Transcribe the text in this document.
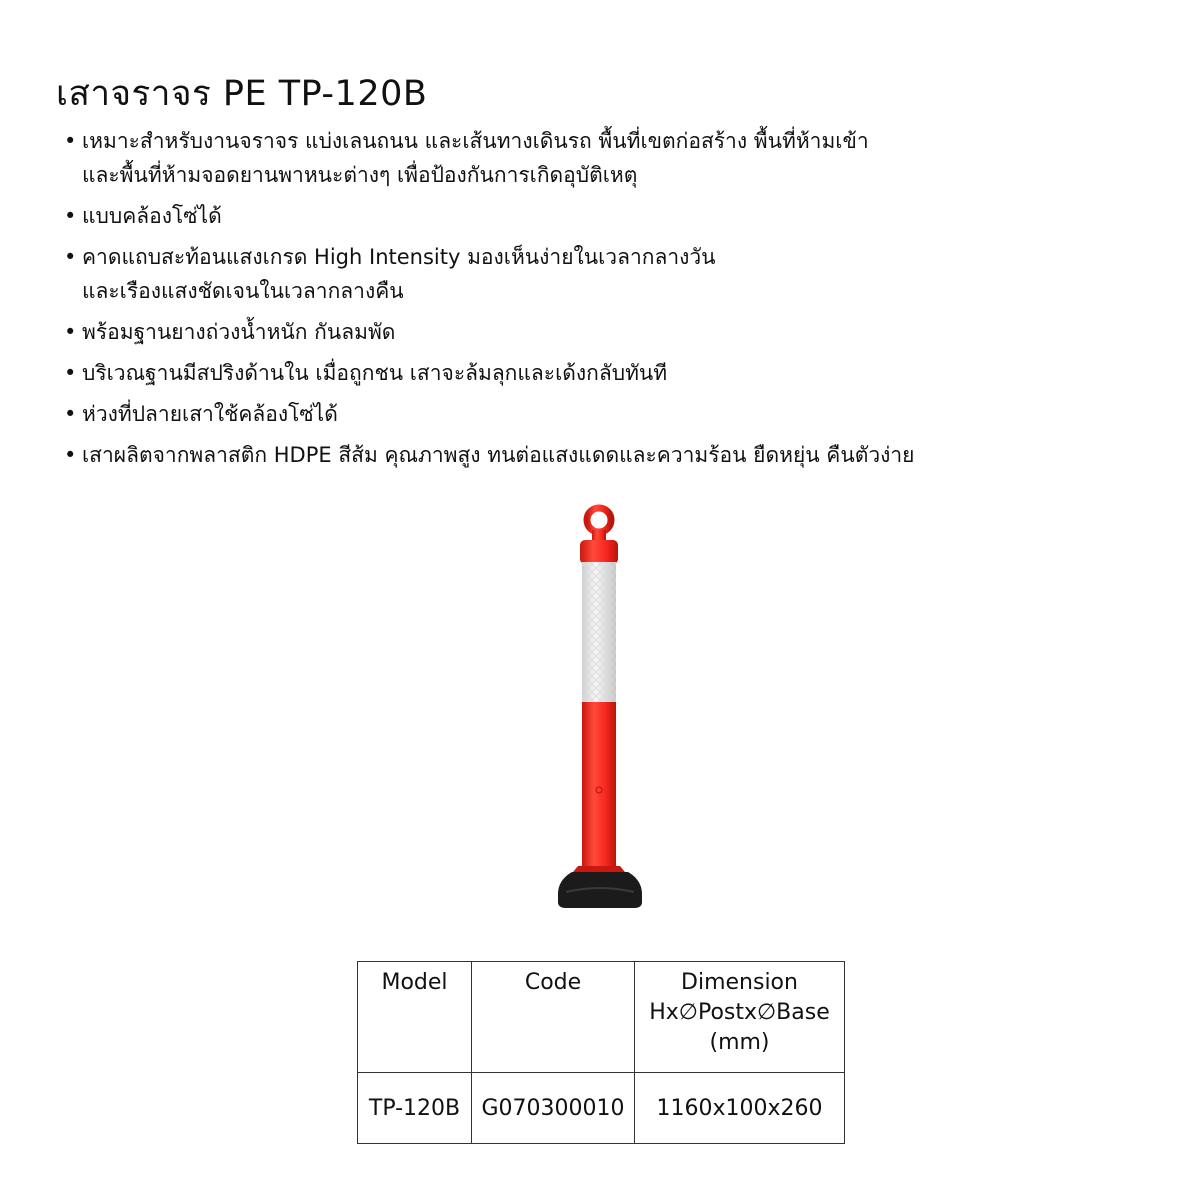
เสาจราจร PE TP-120B
• เหมาะสำหรับงานจราจร แบ่งเลนถนน และเส้นทางเดินรถ พื้นที่เขตก่อสร้าง พื้นที่ห้ามเข้า
และพื้นที่ห้ามจอดยานพาหนะต่างๆ เพื่อป้องกันการเกิดอุบัติเหตุ
• แบบคล้องโซ่ได้
• คาดแถบสะท้อนแสงเกรด High Intensity มองเห็นง่ายในเวลากลางวัน
และเรืองแสงชัดเจนในเวลากลางคืน
• พร้อมฐานยางถ่วงน้ำหนัก กันลมพัด
• บริเวณฐานมีสปริงด้านใน เมื่อถูกชน เสาจะล้มลุกและเด้งกลับทันที
• ห่วงที่ปลายเสาใช้คล้องโซ่ได้
• เสาผลิตจากพลาสติก HDPE สีส้ม คุณภาพสูง ทนต่อแสงแดดและความร้อน ยืดหยุ่น คืนตัวง่าย
Model	Code	Dimension
Hx∅Postx∅Base
(mm)

TP-120B	G070300010	1160x100x260
